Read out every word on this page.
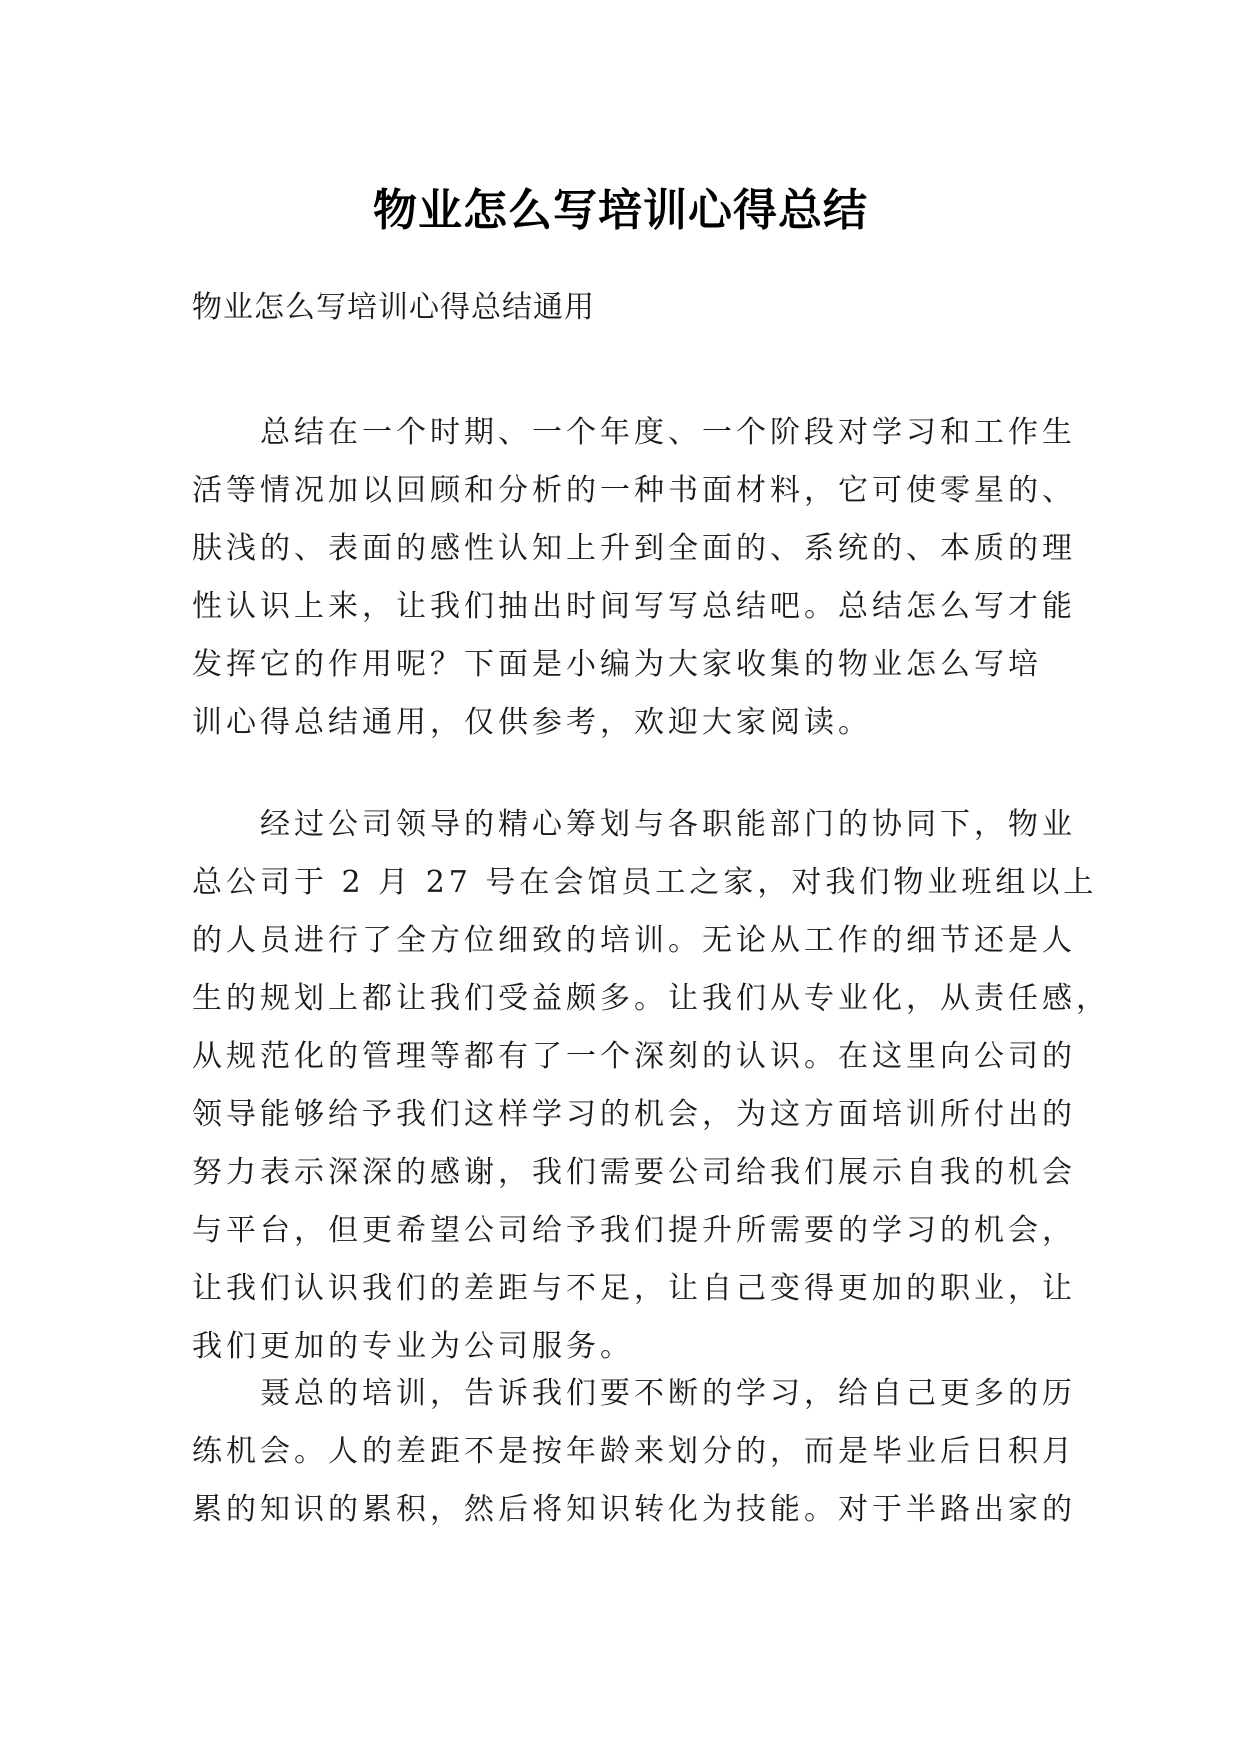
物业怎么写培训心得总结
物业怎么写培训心得总结通用
　　总结在一个时期、一个年度、一个阶段对学习和工作生
活等情况加以回顾和分析的一种书面材料，它可使零星的、
肤浅的、表面的感性认知上升到全面的、系统的、本质的理
性认识上来，让我们抽出时间写写总结吧。总结怎么写才能
发挥它的作用呢？下面是小编为大家收集的物业怎么写培
训心得总结通用，仅供参考，欢迎大家阅读。
　　经过公司领导的精心筹划与各职能部门的协同下，物业
总公司于 2 月 27 号在会馆员工之家，对我们物业班组以上
的人员进行了全方位细致的培训。无论从工作的细节还是人
生的规划上都让我们受益颇多。让我们从专业化，从责任感，
从规范化的管理等都有了一个深刻的认识。在这里向公司的
领导能够给予我们这样学习的机会，为这方面培训所付出的
努力表示深深的感谢，我们需要公司给我们展示自我的机会
与平台，但更希望公司给予我们提升所需要的学习的机会，
让我们认识我们的差距与不足，让自己变得更加的职业，让
我们更加的专业为公司服务。
　　聂总的培训，告诉我们要不断的学习，给自己更多的历
练机会。人的差距不是按年龄来划分的，而是毕业后日积月
累的知识的累积，然后将知识转化为技能。对于半路出家的
